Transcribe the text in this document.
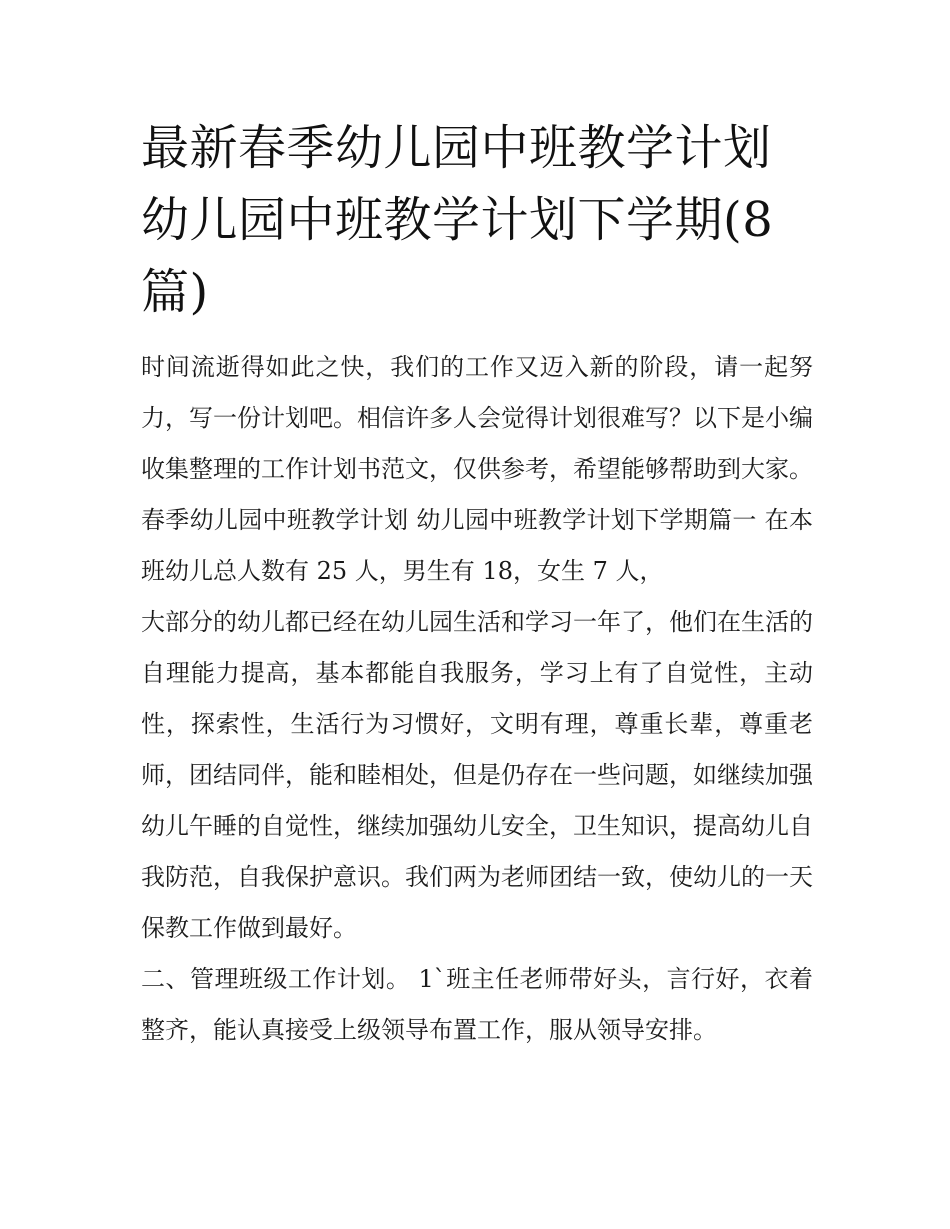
最新春季幼儿园中班教学计划
幼儿园中班教学计划下学期(8
篇)

时间流逝得如此之快，我们的工作又迈入新的阶段，请一起努力，写一份计划吧。相信许多人会觉得计划很难写？以下是小编收集整理的工作计划书范文，仅供参考，希望能够帮助到大家。

春季幼儿园中班教学计划 幼儿园中班教学计划下学期篇一 在本班幼儿总人数有 25 人，男生有 18，女生 7 人，

大部分的幼儿都已经在幼儿园生活和学习一年了，他们在生活的自理能力提高，基本都能自我服务，学习上有了自觉性，主动性，探索性，生活行为习惯好，文明有理，尊重长辈，尊重老师，团结同伴，能和睦相处，但是仍存在一些问题，如继续加强幼儿午睡的自觉性，继续加强幼儿安全，卫生知识，提高幼儿自我防范，自我保护意识。我们两为老师团结一致，使幼儿的一天保教工作做到最好。

二、管理班级工作计划。 1`班主任老师带好头，言行好，衣着整齐，能认真接受上级领导布置工作，服从领导安排。
